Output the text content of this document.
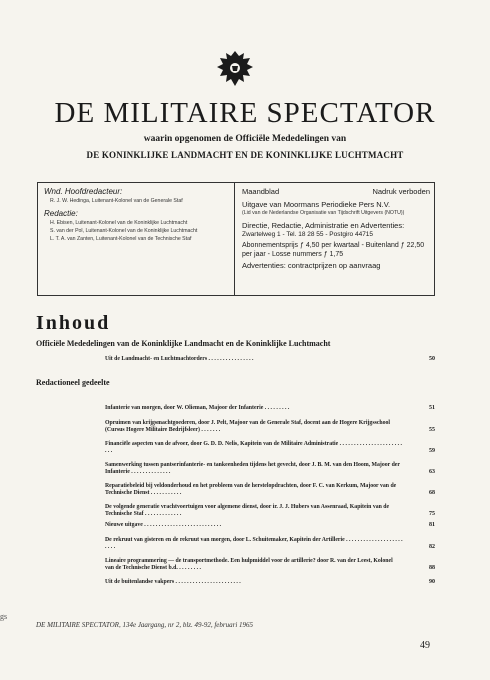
DE MILITAIRE SPECTATOR
waarin opgenomen de Officiële Mededelingen van
DE KONINKLIJKE LANDMACHT EN DE KONINKLIJKE LUCHTMACHT
Wnd. Hoofdredacteur:
R. J. W. Hedinga, Luitenant-Kolonel van de Generale Staf
Redactie:
H. Ebisen, Luitenant-Kolonel van de Koninklijke Luchtmacht
S. van der Pol, Luitenant-Kolonel van de Koninklijke Luchtmacht
L. T. A. van Zanten, Luitenant-Kolonel van de Technische Staf
Maandblad	Nadruk verboden
Uitgave van Moormans Periodieke Pers N.V.
(Lid van de Nederlandse Organisatie van Tijdschrift Uitgevers (NOTU))
Directie, Redactie, Administratie en Advertenties:
Zwartelweg 1 - Tel. 18 28 55 - Postgiro 44715
Abonnementsprijs ƒ 4,50 per kwartaal - Buitenland ƒ 22,50 per jaar - Losse nummers ƒ 1,75
Advertenties: contractprijzen op aanvraag
Inhoud
Officiële Mededelingen van de Koninklijke Landmacht en de Koninklijke Luchtmacht
Uit de Landmacht- en Luchtmachtorders . . . . . . . . . . . . . . . .	50
Redactioneel gedeelte
Infanterie van morgen, door W. Olieman, Majoor der Infanterie . . . . . . . . .	51
Opruimen van krijgsmachtgoederen, door J. Pelt, Majoor van de Generale Staf, docent aan de Hogere Krijgsschool (Cursus Hogere Militaire Bedrijfsleer) . . . . . . .	55
Financiële aspecten van de afvoer, door G. D. D. Nelis, Kapitein van de Militaire Administratie . . . . . . . . . . . . . . . . . . . . . . . . .	59
Samenwerking tussen pantserinfanterie- en tankeenheden tijdens het gevecht, door J. B. M. van den Hoom, Majoor der Infanterie . . . . . . . . . . . . . .	63
Reparatiebeleid bij veldonderhoud en het probleem van de herstelopdrachten, door F. C. van Kerkum, Majoor van de Technische Dienst . . . . . . . . . . .	68
De volgende generatie vrachtvoertuigen voor algemene dienst, door ir. J. J. Hubers van Assenraad, Kapitein van de Technische Staf . . . . . . . . . . . . .	75
Nieuwe uitgave . . . . . . . . . . . . . . . . . . . . . . . . . . .	81
De rekruut van gisteren en de rekruut van morgen, door L. Schuitemaker, Kapitein der Artillerie . . . . . . . . . . . . . . . . . . . . . . . .	82
Lineaire programmering — de transportmethode. Een hulpmiddel voor de artillerie? door R. van der Leest, Kolonel van de Technische Dienst b.d. . . . . . . . .	88
Uit de buitenlandse vakpers . . . . . . . . . . . . . . . . . . . . . . .	90
gs
DE MILITAIRE SPECTATOR, 134e Jaargang, nr 2, blz. 49-92, februari 1965
49
